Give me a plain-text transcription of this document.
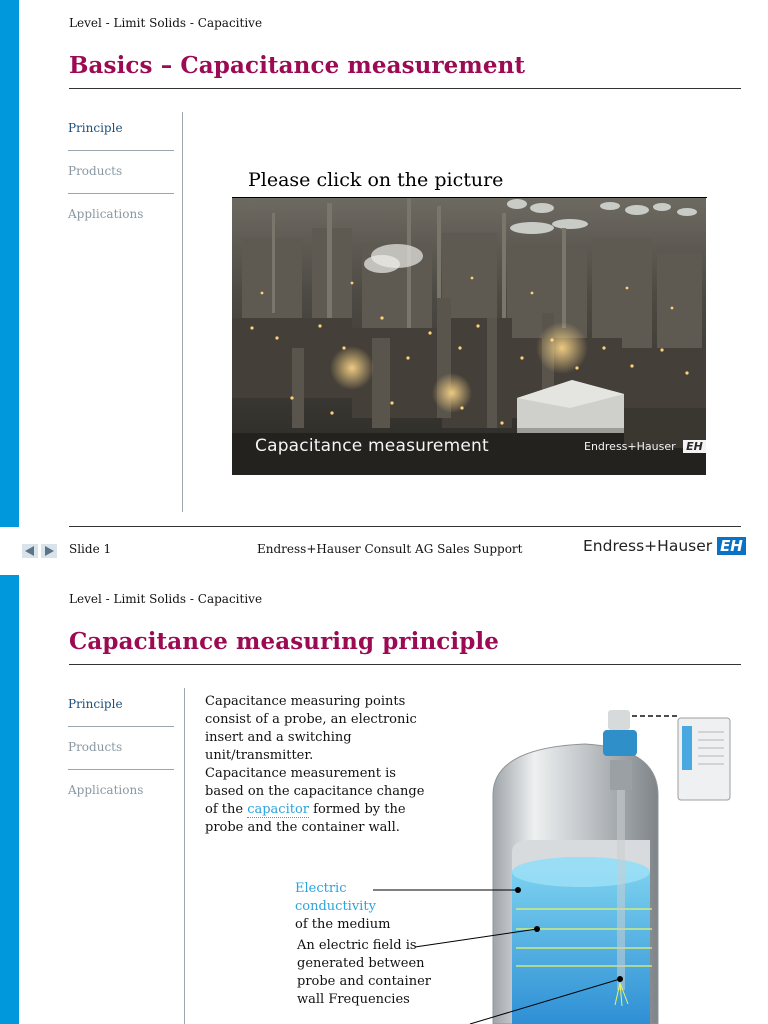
Level - Limit Solids - Capacitive
Basics – Capacitance measurement
Principle
Products
Applications
Please click on the picture
Capacitance measurement	Endress+Hauser EH
Slide 1	Endress+Hauser Consult AG Sales Support	Endress+Hauser EH
Level - Limit Solids - Capacitive
Capacitance measuring principle
Principle
Products
Applications
Capacitance measuring points consist of a probe, an electronic insert and a switching unit/transmitter.
Capacitance measurement is based on the capacitance change of the capacitor formed by the probe and the container wall.
Electric
conductivity
of the medium
An electric field is generated between probe and container wall Frequencies
